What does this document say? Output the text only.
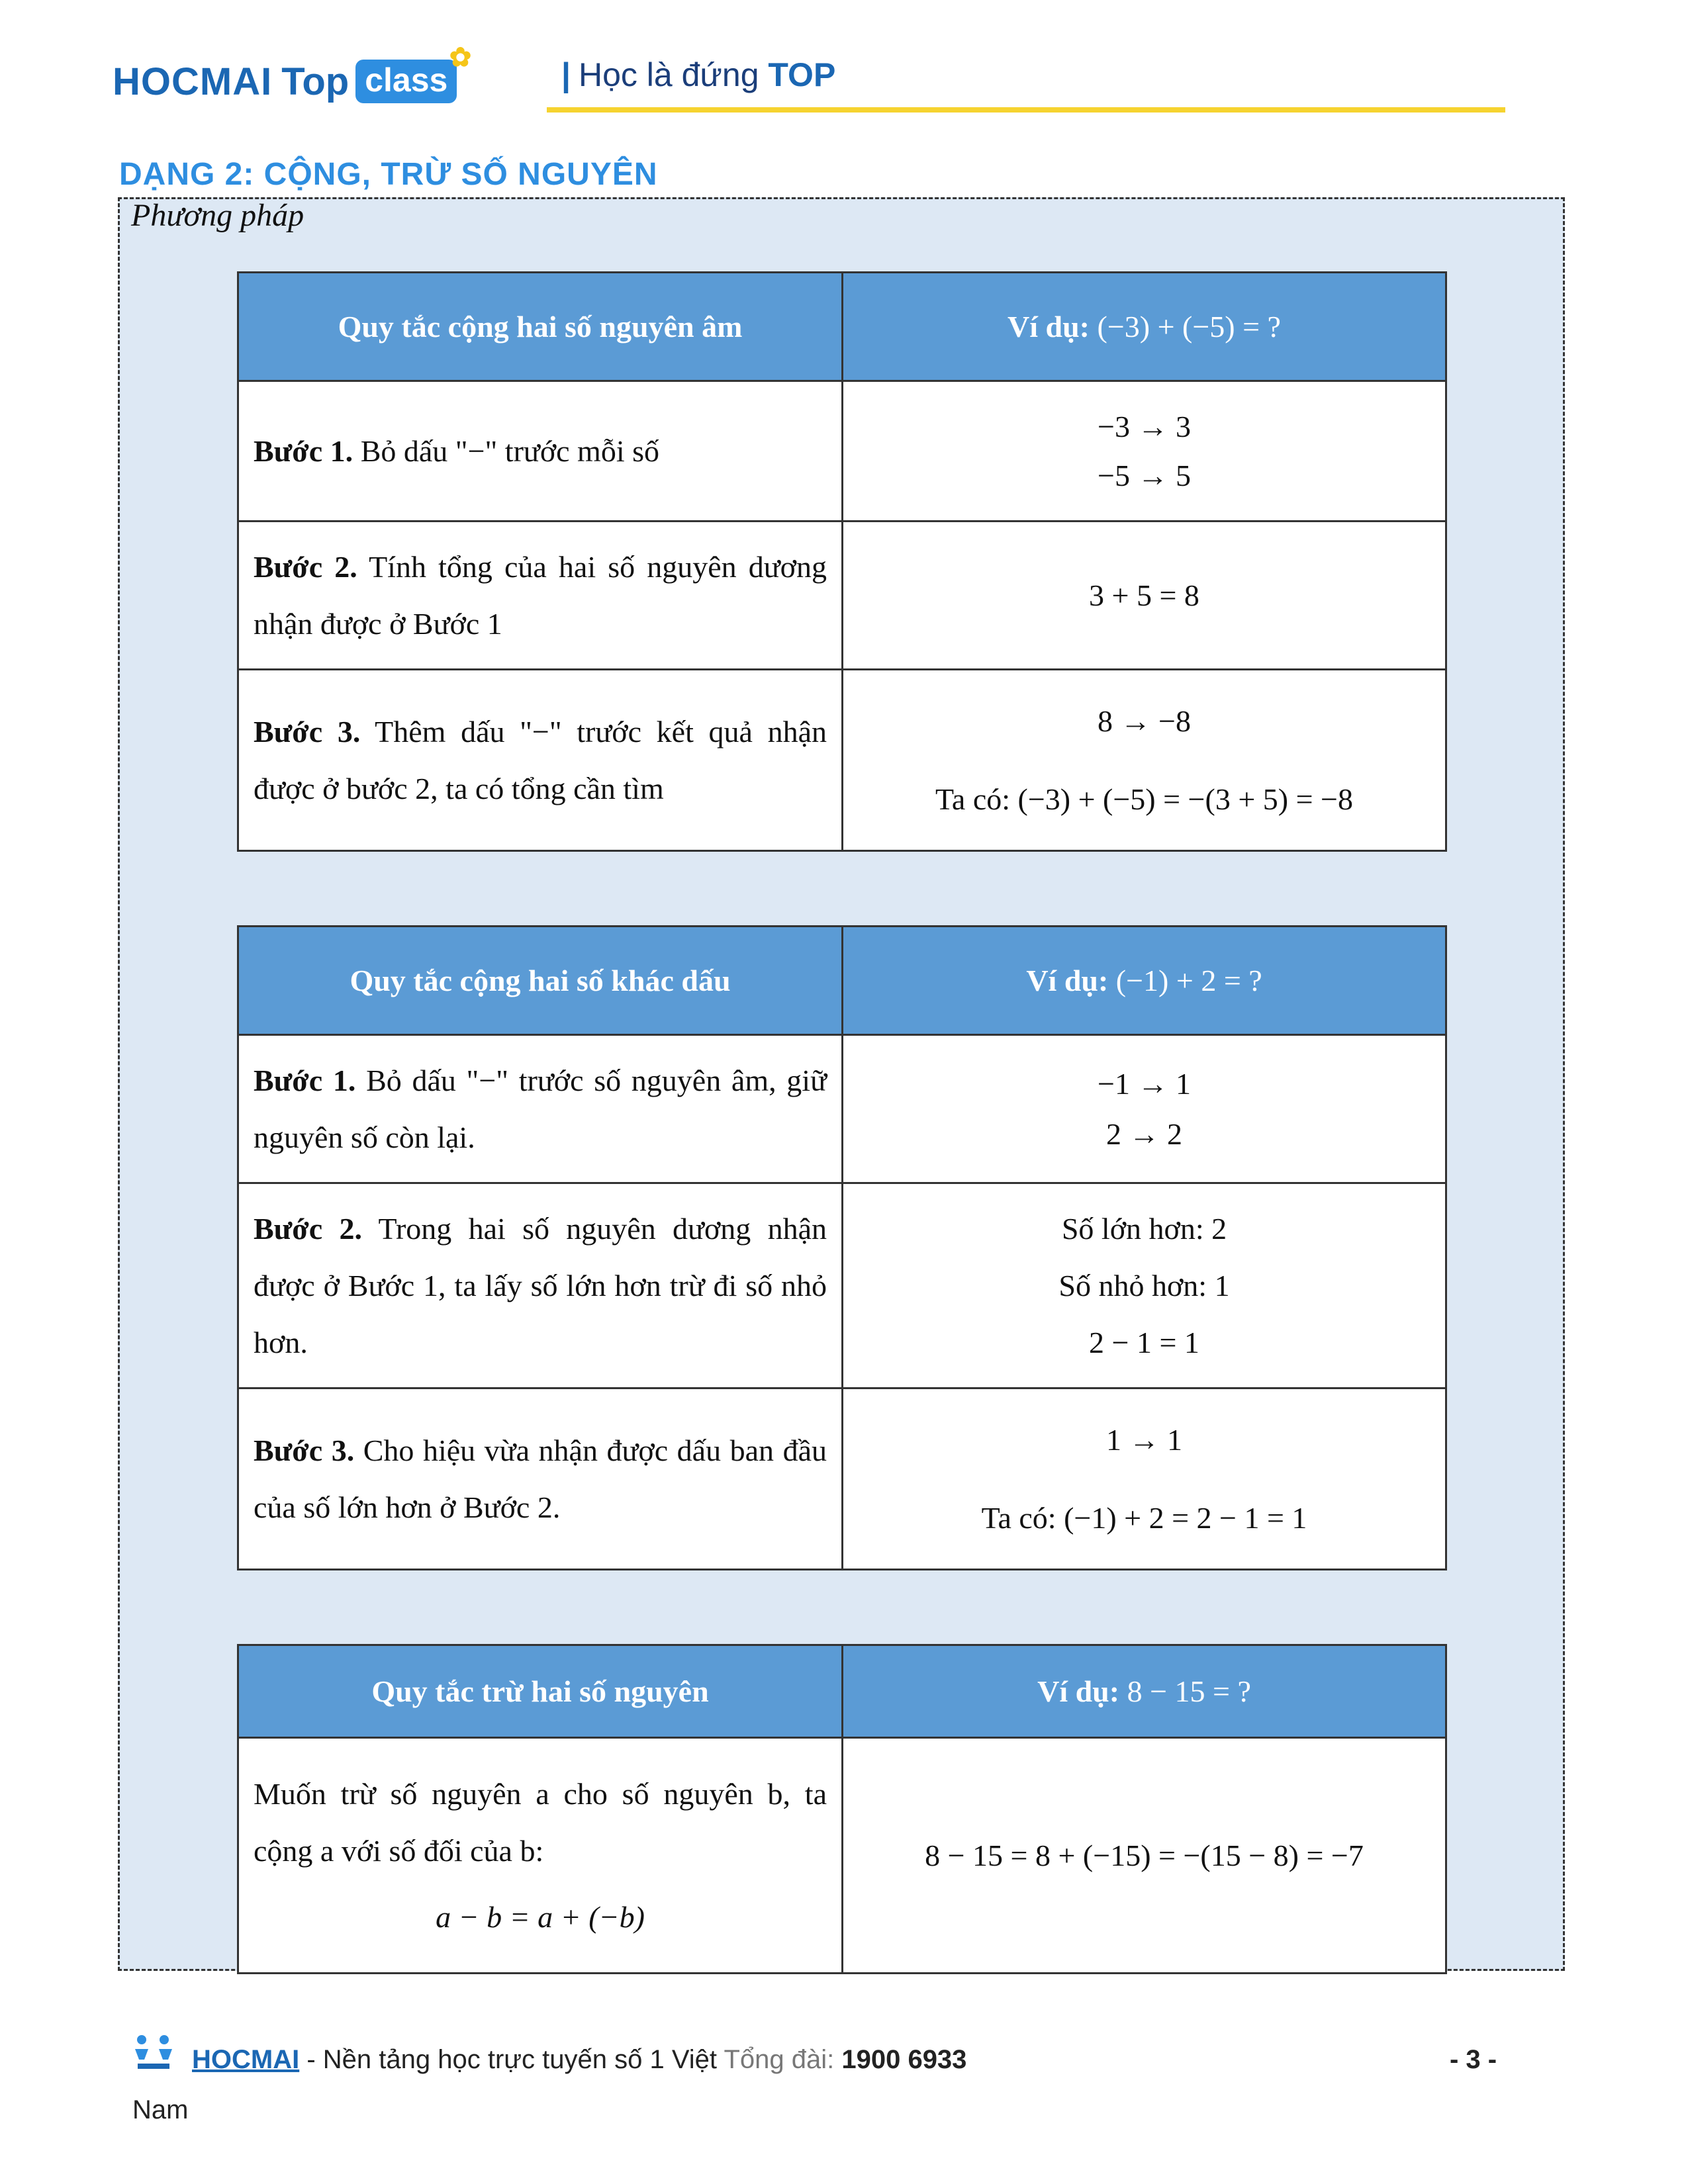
HOCMAI Top class
✿	| Học là đứng TOP
DẠNG 2: CỘNG, TRỪ SỐ NGUYÊN
Phương pháp
Quy tắc cộng hai số nguyên âm	Ví dụ: (−3) + (−5) = ?
Bước 1. Bỏ dấu "−" trước mỗi số	−3 → 3
−5 → 5

Bước 2. Tính tổng của hai số nguyên dương nhận được ở Bước 1	3 + 5 = 8
Bước 3. Thêm dấu "−" trước kết quả nhận được ở bước 2, ta có tổng cần tìm	8 → −8
Ta có: (−3) + (−5) = −(3 + 5) = −8
Quy tắc cộng hai số khác dấu	Ví dụ: (−1) + 2 = ?
Bước 1. Bỏ dấu "−" trước số nguyên âm, giữ nguyên số còn lại.	−1 → 1
2 → 2

Bước 2. Trong hai số nguyên dương nhận được ở Bước 1, ta lấy số lớn hơn trừ đi số nhỏ hơn.	Số lớn hơn: 2
Số nhỏ hơn: 1
2 − 1 = 1

Bước 3. Cho hiệu vừa nhận được dấu ban đầu của số lớn hơn ở Bước 2.	1 → 1
Ta có: (−1) + 2 = 2 − 1 = 1
Quy tắc trừ hai số nguyên	Ví dụ: 8 − 15 = ?

Muốn trừ số nguyên a cho số nguyên b, ta cộng a với số đối của b:
a − b = a + (−b)	8 − 15 = 8 + (−15) = −(15 − 8) = −7
HOCMAI - Nền tảng học trực tuyến số 1 Việt Tổng đài: 1900 6933	- 3 -
Nam
